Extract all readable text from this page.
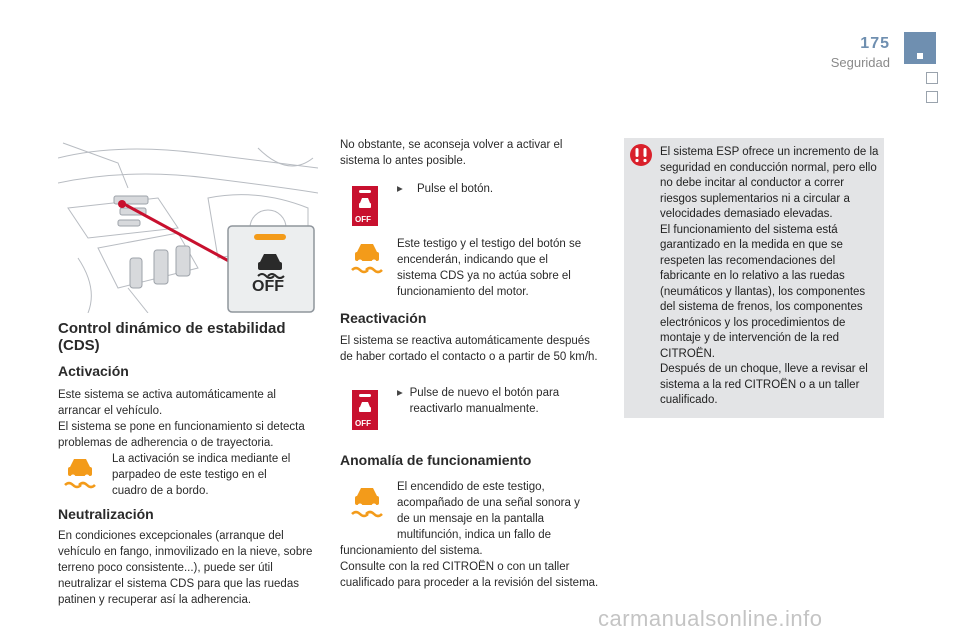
175
Seguridad
OFF
Control dinámico de estabilidad (CDS)
Activación
Este sistema se activa automáticamente al arrancar el vehículo.
El sistema se pone en funcionamiento si detecta problemas de adherencia o de trayectoria.
La activación se indica mediante el parpadeo de este testigo en el cuadro de a bordo.
Neutralización
En condiciones excepcionales (arranque del vehículo en fango, inmovilizado en la nieve, sobre terreno poco consistente...), puede ser útil neutralizar el sistema CDS para que las ruedas patinen y recuperar así la adherencia.
No obstante, se aconseja volver a activar el sistema lo antes posible.
OFF
▸ Pulse el botón.
Este testigo y el testigo del botón se encenderán, indicando que el sistema CDS ya no actúa sobre el funcionamiento del motor.
Reactivación
El sistema se reactiva automáticamente después de haber cortado el contacto o a partir de 50 km/h.
OFF
▸ Pulse de nuevo el botón para reactivarlo manualmente.
Anomalía de funcionamiento
El encendido de este testigo, acompañado de una señal sonora y de un mensaje en la pantalla multifunción, indica un fallo de
funcionamiento del sistema.
Consulte con la red CITROËN o con un taller cualificado para proceder a la revisión del sistema.
El sistema ESP ofrece un incremento de la seguridad en conducción normal, pero ello no debe incitar al conductor a correr riesgos suplementarios ni a circular a velocidades demasiado elevadas.
El funcionamiento del sistema está garantizado en la medida en que se respeten las recomendaciones del fabricante en lo relativo a las ruedas (neumáticos y llantas), los componentes del sistema de frenos, los componentes electrónicos y los procedimientos de montaje y de intervención de la red CITROËN.
Después de un choque, lleve a revisar el sistema a la red CITROËN o a un taller cualificado.
carmanualsonline.info
